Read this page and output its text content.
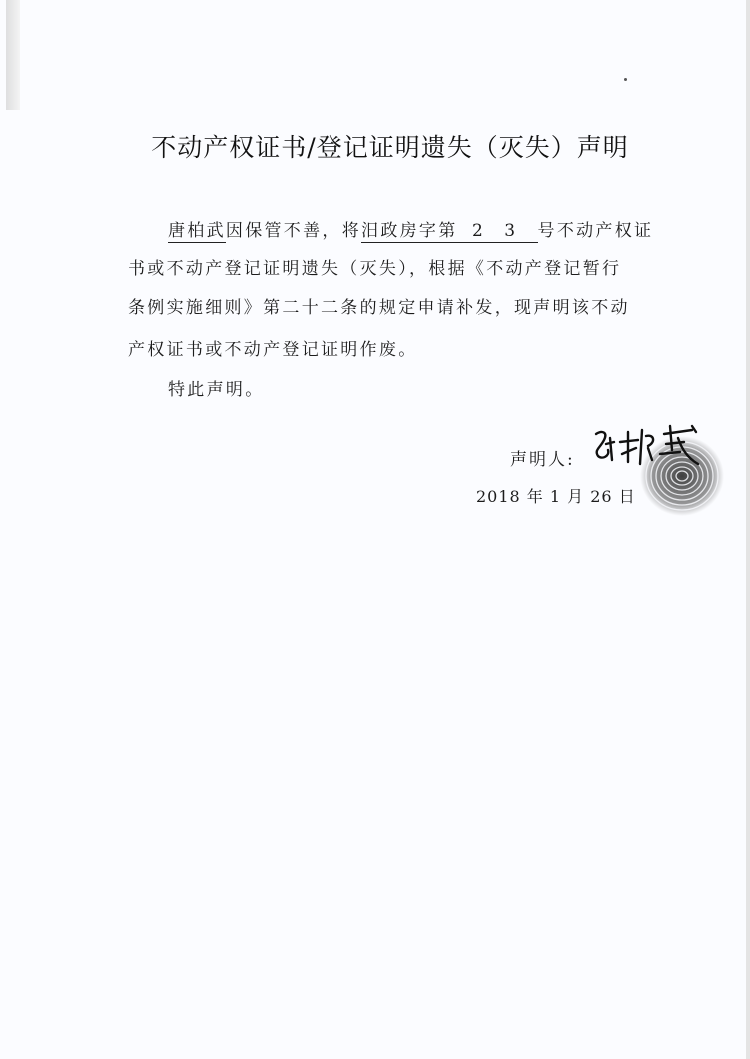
不动产权证书/登记证明遗失（灭失）声明
唐柏武因保管不善，将汨政房字第 2 3 号不动产权证
书或不动产登记证明遗失（灭失），根据《不动产登记暂行
条例实施细则》第二十二条的规定申请补发，现声明该不动
产权证书或不动产登记证明作废。
特此声明。
声明人:
2018 年 1 月 26 日
